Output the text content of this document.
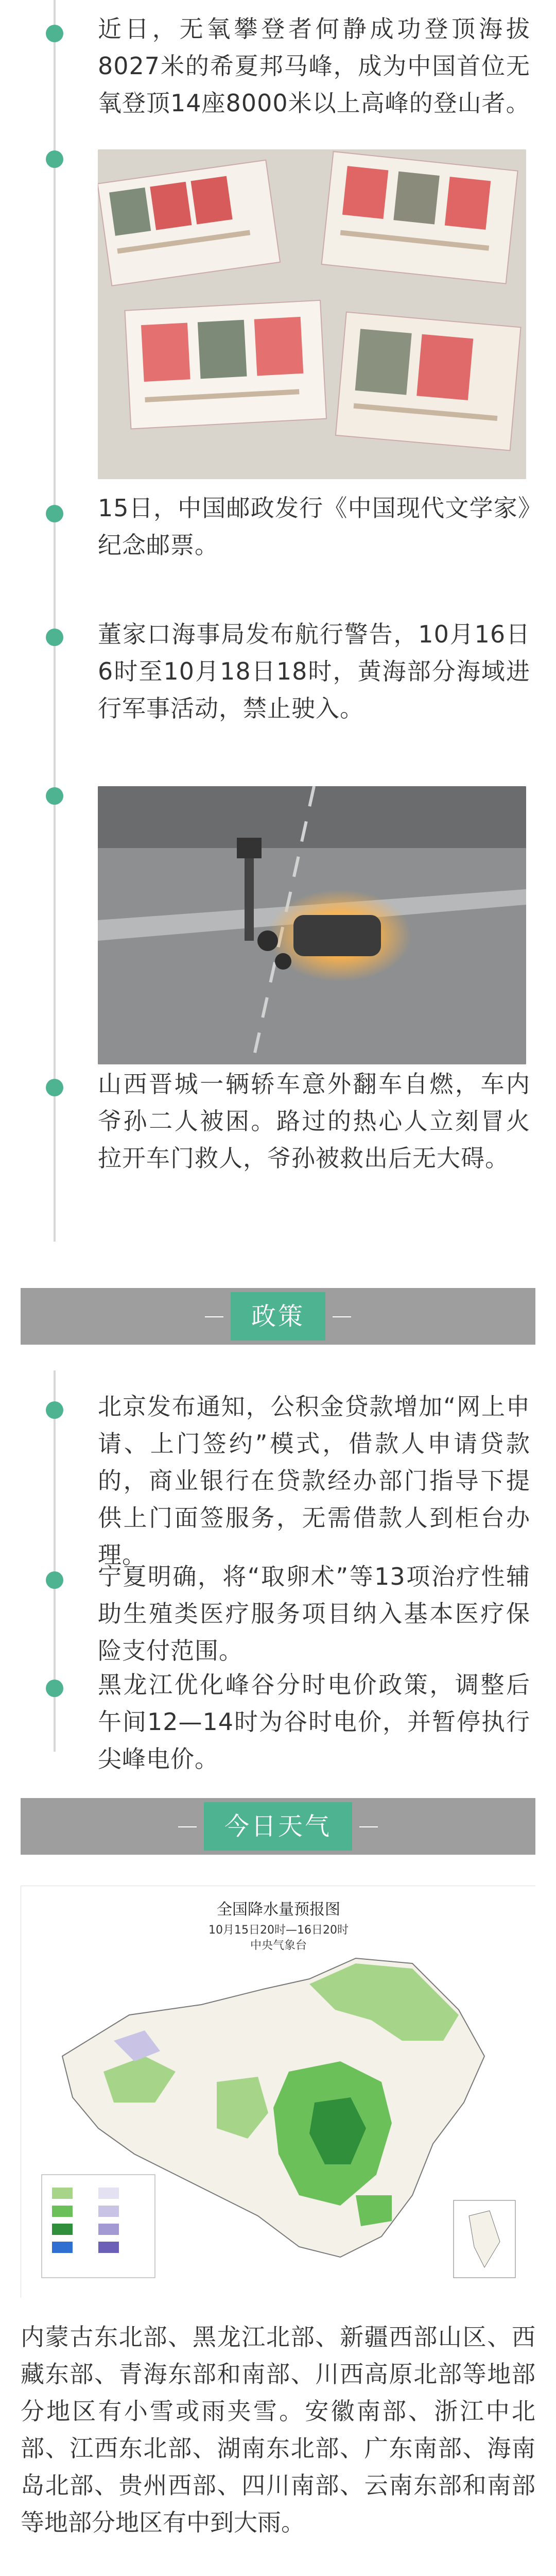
近日，无氧攀登者何静成功登顶海拔8027米的希夏邦马峰，成为中国首位无氧登顶14座8000米以上高峰的登山者。
15日，中国邮政发行《中国现代文学家》纪念邮票。
董家口海事局发布航行警告，10月16日6时至10月18日18时，黄海部分海域进行军事活动，禁止驶入。
山西晋城一辆轿车意外翻车自燃，车内爷孙二人被困。路过的热心人立刻冒火拉开车门救人，爷孙被救出后无大碍。
政策
北京发布通知，公积金贷款增加“网上申请、上门签约”模式，借款人申请贷款的，商业银行在贷款经办部门指导下提供上门面签服务，无需借款人到柜台办理。
宁夏明确，将“取卵术”等13项治疗性辅助生殖类医疗服务项目纳入基本医疗保险支付范围。
黑龙江优化峰谷分时电价政策，调整后午间12—14时为谷时电价，并暂停执行尖峰电价。
今日天气
全国降水量预报图
10月15日20时—16日20时
中央气象台
内蒙古东北部、黑龙江北部、新疆西部山区、西藏东部、青海东部和南部、川西高原北部等地部分地区有小雪或雨夹雪。安徽南部、浙江中北部、江西东北部、湖南东北部、广东南部、海南岛北部、贵州西部、四川南部、云南东部和南部等地部分地区有中到大雨。
